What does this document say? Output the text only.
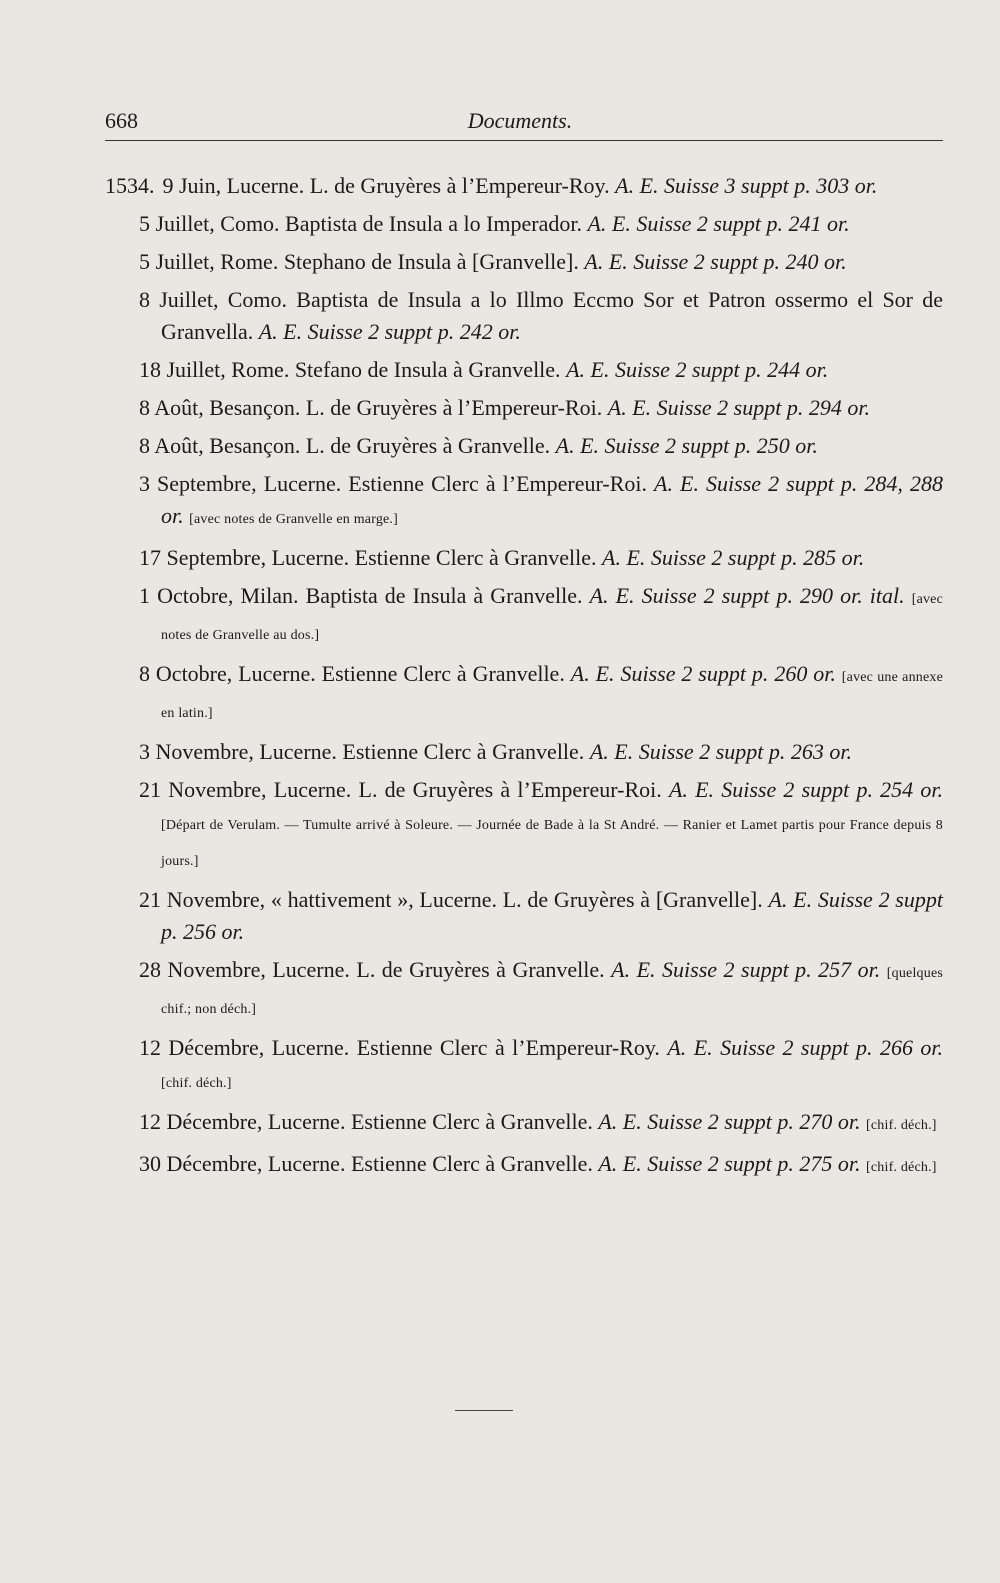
668	Documents.
1534. 9 Juin, Lucerne. L. de Gruyères à l’Empereur-Roy. A. E. Suisse 3 suppt p. 303 or.
5 Juillet, Como. Baptista de Insula a lo Imperador. A. E. Suisse 2 suppt p. 241 or.
5 Juillet, Rome. Stephano de Insula à [Granvelle]. A. E. Suisse 2 suppt p. 240 or.
8 Juillet, Como. Baptista de Insula a lo Illmo Eccmo Sor et Patron ossermo el Sor de Granvella. A. E. Suisse 2 suppt p. 242 or.
18 Juillet, Rome. Stefano de Insula à Granvelle. A. E. Suisse 2 suppt p. 244 or.
8 Août, Besançon. L. de Gruyères à l’Empereur-Roi. A. E. Suisse 2 suppt p. 294 or.
8 Août, Besançon. L. de Gruyères à Granvelle. A. E. Suisse 2 suppt p. 250 or.
3 Septembre, Lucerne. Estienne Clerc à l’Empereur-Roi. A. E. Suisse 2 suppt p. 284, 288 or. [avec notes de Granvelle en marge.]
17 Septembre, Lucerne. Estienne Clerc à Granvelle. A. E. Suisse 2 suppt p. 285 or.
1 Octobre, Milan. Baptista de Insula à Granvelle. A. E. Suisse 2 suppt p. 290 or. ital. [avec notes de Granvelle au dos.]
8 Octobre, Lucerne. Estienne Clerc à Granvelle. A. E. Suisse 2 suppt p. 260 or. [avec une annexe en latin.]
3 Novembre, Lucerne. Estienne Clerc à Granvelle. A. E. Suisse 2 suppt p. 263 or.
21 Novembre, Lucerne. L. de Gruyères à l’Empereur-Roi. A. E. Suisse 2 suppt p. 254 or. [Départ de Verulam. — Tumulte arrivé à Soleure. — Journée de Bade à la St André. — Ranier et Lamet partis pour France depuis 8 jours.]
21 Novembre, « hattivement », Lucerne. L. de Gruyères à [Granvelle]. A. E. Suisse 2 suppt p. 256 or.
28 Novembre, Lucerne. L. de Gruyères à Granvelle. A. E. Suisse 2 suppt p. 257 or. [quelques chif.; non déch.]
12 Décembre, Lucerne. Estienne Clerc à l’Empereur-Roy. A. E. Suisse 2 suppt p. 266 or. [chif. déch.]
12 Décembre, Lucerne. Estienne Clerc à Granvelle. A. E. Suisse 2 suppt p. 270 or. [chif. déch.]
30 Décembre, Lucerne. Estienne Clerc à Granvelle. A. E. Suisse 2 suppt p. 275 or. [chif. déch.]
